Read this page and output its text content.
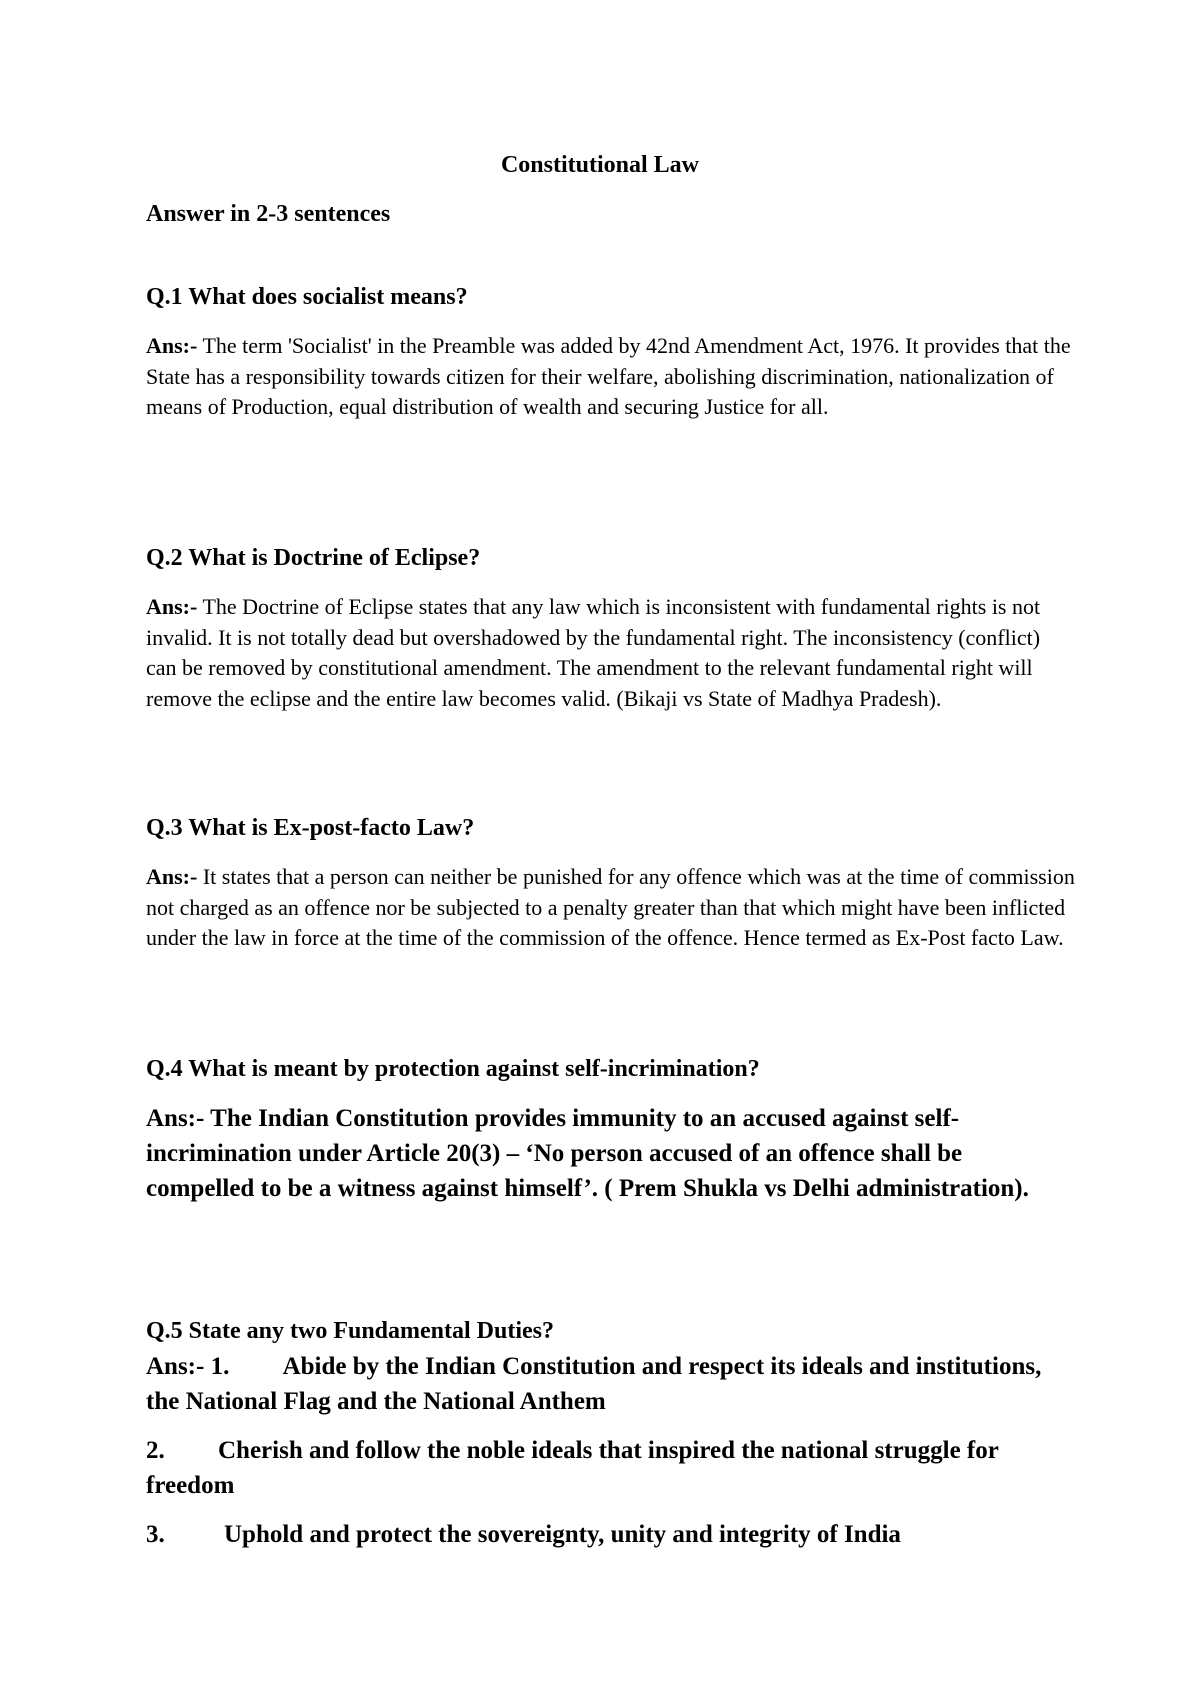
Constitutional Law
Answer in 2-3 sentences

Q.1 What does socialist means?

Ans:- The term 'Socialist' in the Preamble was added by 42nd Amendment Act, 1976. It provides that the State has a responsibility towards citizen for their welfare, abolishing discrimination, nationalization of means of Production, equal distribution of wealth and securing Justice for all.

Q.2 What is Doctrine of Eclipse?

Ans:- The Doctrine of Eclipse states that any law which is inconsistent with fundamental rights is not invalid. It is not totally dead but overshadowed by the fundamental right. The inconsistency (conflict) can be removed by constitutional amendment. The amendment to the relevant fundamental right will remove the eclipse and the entire law becomes valid. (Bikaji vs State of Madhya Pradesh).

Q.3 What is Ex-post-facto Law?

Ans:- It states that a person can neither be punished for any offence which was at the time of commission not charged as an offence nor be subjected to a penalty greater than that which might have been inflicted under the law in force at the time of the commission of the offence. Hence termed as Ex-Post facto Law.

Q.4 What is meant by protection against self-incrimination?

Ans:- The Indian Constitution provides immunity to an accused against self-incrimination under Article 20(3) – ‘No person accused of an offence shall be compelled to be a witness against himself’. ( Prem Shukla vs Delhi administration).

Q.5 State any two Fundamental Duties?

Ans:- 1. Abide by the Indian Constitution and respect its ideals and institutions, the National Flag and the National Anthem

2. Cherish and follow the noble ideals that inspired the national struggle for freedom

3. Uphold and protect the sovereignty, unity and integrity of India
